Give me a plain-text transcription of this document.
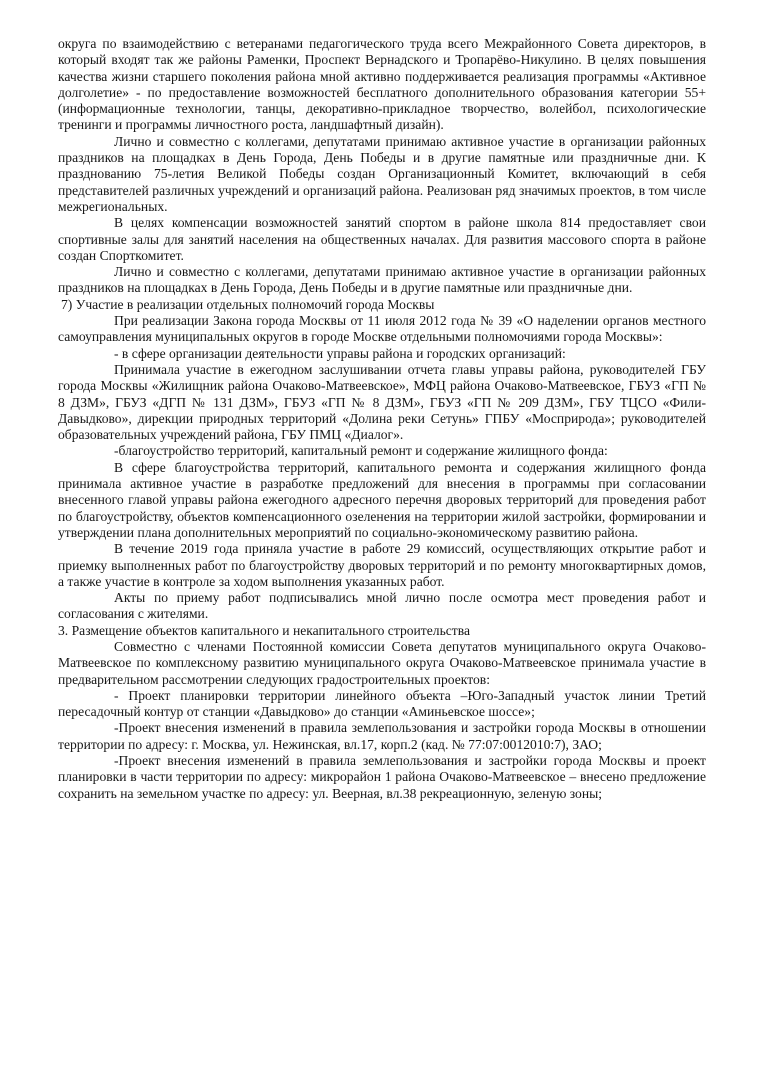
округа по взаимодействию с ветеранами педагогического труда всего Межрайонного Совета директоров, в который входят так же районы Раменки, Проспект Вернадского и Тропарёво-Никулино. В целях повышения качества жизни старшего поколения района мной активно поддерживается реализация программы «Активное долголетие» - по предоставление возможностей бесплатного дополнительного образования категории 55+(информационные технологии, танцы, декоративно-прикладное творчество, волейбол, психологические тренинги и программы личностного роста, ландшафтный дизайн).

Лично и совместно с коллегами, депутатами принимаю активное участие в организации районных праздников на площадках в День Города, День Победы и в другие памятные или праздничные дни. К празднованию 75-летия Великой Победы создан Организационный Комитет, включающий в себя представителей различных учреждений и организаций района. Реализован ряд значимых проектов, в том числе межрегиональных.

В целях компенсации возможностей занятий спортом в районе школа 814 предоставляет свои спортивные залы для занятий населения на общественных началах. Для развития массового спорта в районе создан Спорткомитет.

Лично и совместно с коллегами, депутатами принимаю активное участие в организации районных праздников на площадках в День Города, День Победы и в другие памятные или праздничные дни.

7) Участие в реализации отдельных полномочий города Москвы

При реализации Закона города Москвы от 11 июля 2012 года № 39 «О наделении органов местного самоуправления муниципальных округов в городе Москве отдельными полномочиями города Москвы»:

- в сфере организации деятельности управы района и городских организаций:

Принимала участие в ежегодном заслушивании отчета главы управы района, руководителей ГБУ города Москвы «Жилищник района Очаково-Матвеевское», МФЦ района Очаково-Матвеевское, ГБУЗ «ГП № 8 ДЗМ», ГБУЗ «ДГП № 131 ДЗМ», ГБУЗ «ГП № 8 ДЗМ», ГБУЗ «ГП № 209 ДЗМ», ГБУ ТЦСО «Фили-Давыдково», дирекции природных территорий «Долина реки Сетунь» ГПБУ «Мосприрода»; руководителей образовательных учреждений района, ГБУ ПМЦ «Диалог».

-благоустройство территорий, капитальный ремонт и содержание жилищного фонда:

В сфере благоустройства территорий, капитального ремонта и содержания жилищного фонда принимала активное участие в разработке предложений для внесения в программы при согласовании внесенного главой управы района ежегодного адресного перечня дворовых территорий для проведения работ по благоустройству, объектов компенсационного озеленения на территории жилой застройки, формировании и утверждении плана дополнительных мероприятий по социально-экономическому развитию района.

В течение 2019 года приняла участие в работе 29 комиссий, осуществляющих открытие работ и приемку выполненных работ по благоустройству дворовых территорий и по ремонту многоквартирных домов, а также участие в контроле за ходом выполнения указанных работ.

Акты по приему работ подписывались мной лично после осмотра мест проведения работ и согласования с жителями.

3. Размещение объектов капитального и некапитального строительства

Совместно с членами Постоянной комиссии Совета депутатов муниципального округа Очаково-Матвеевское по комплексному развитию муниципального округа Очаково-Матвеевское принимала участие в предварительном рассмотрении следующих градостроительных проектов:

- Проект планировки территории линейного объекта –Юго-Западный участок линии Третий пересадочный контур от станции «Давыдково» до станции «Аминьевское шоссе»;

-Проект внесения изменений в правила землепользования и застройки города Москвы в отношении территории по адресу: г. Москва, ул. Нежинская, вл.17, корп.2 (кад. № 77:07:0012010:7), ЗАО;

-Проект внесения изменений в правила землепользования и застройки города Москвы и проект планировки в части территории по адресу: микрорайон 1 района Очаково-Матвеевское – внесено предложение сохранить на земельном участке по адресу: ул. Веерная, вл.38 рекреационную, зеленую зоны;
